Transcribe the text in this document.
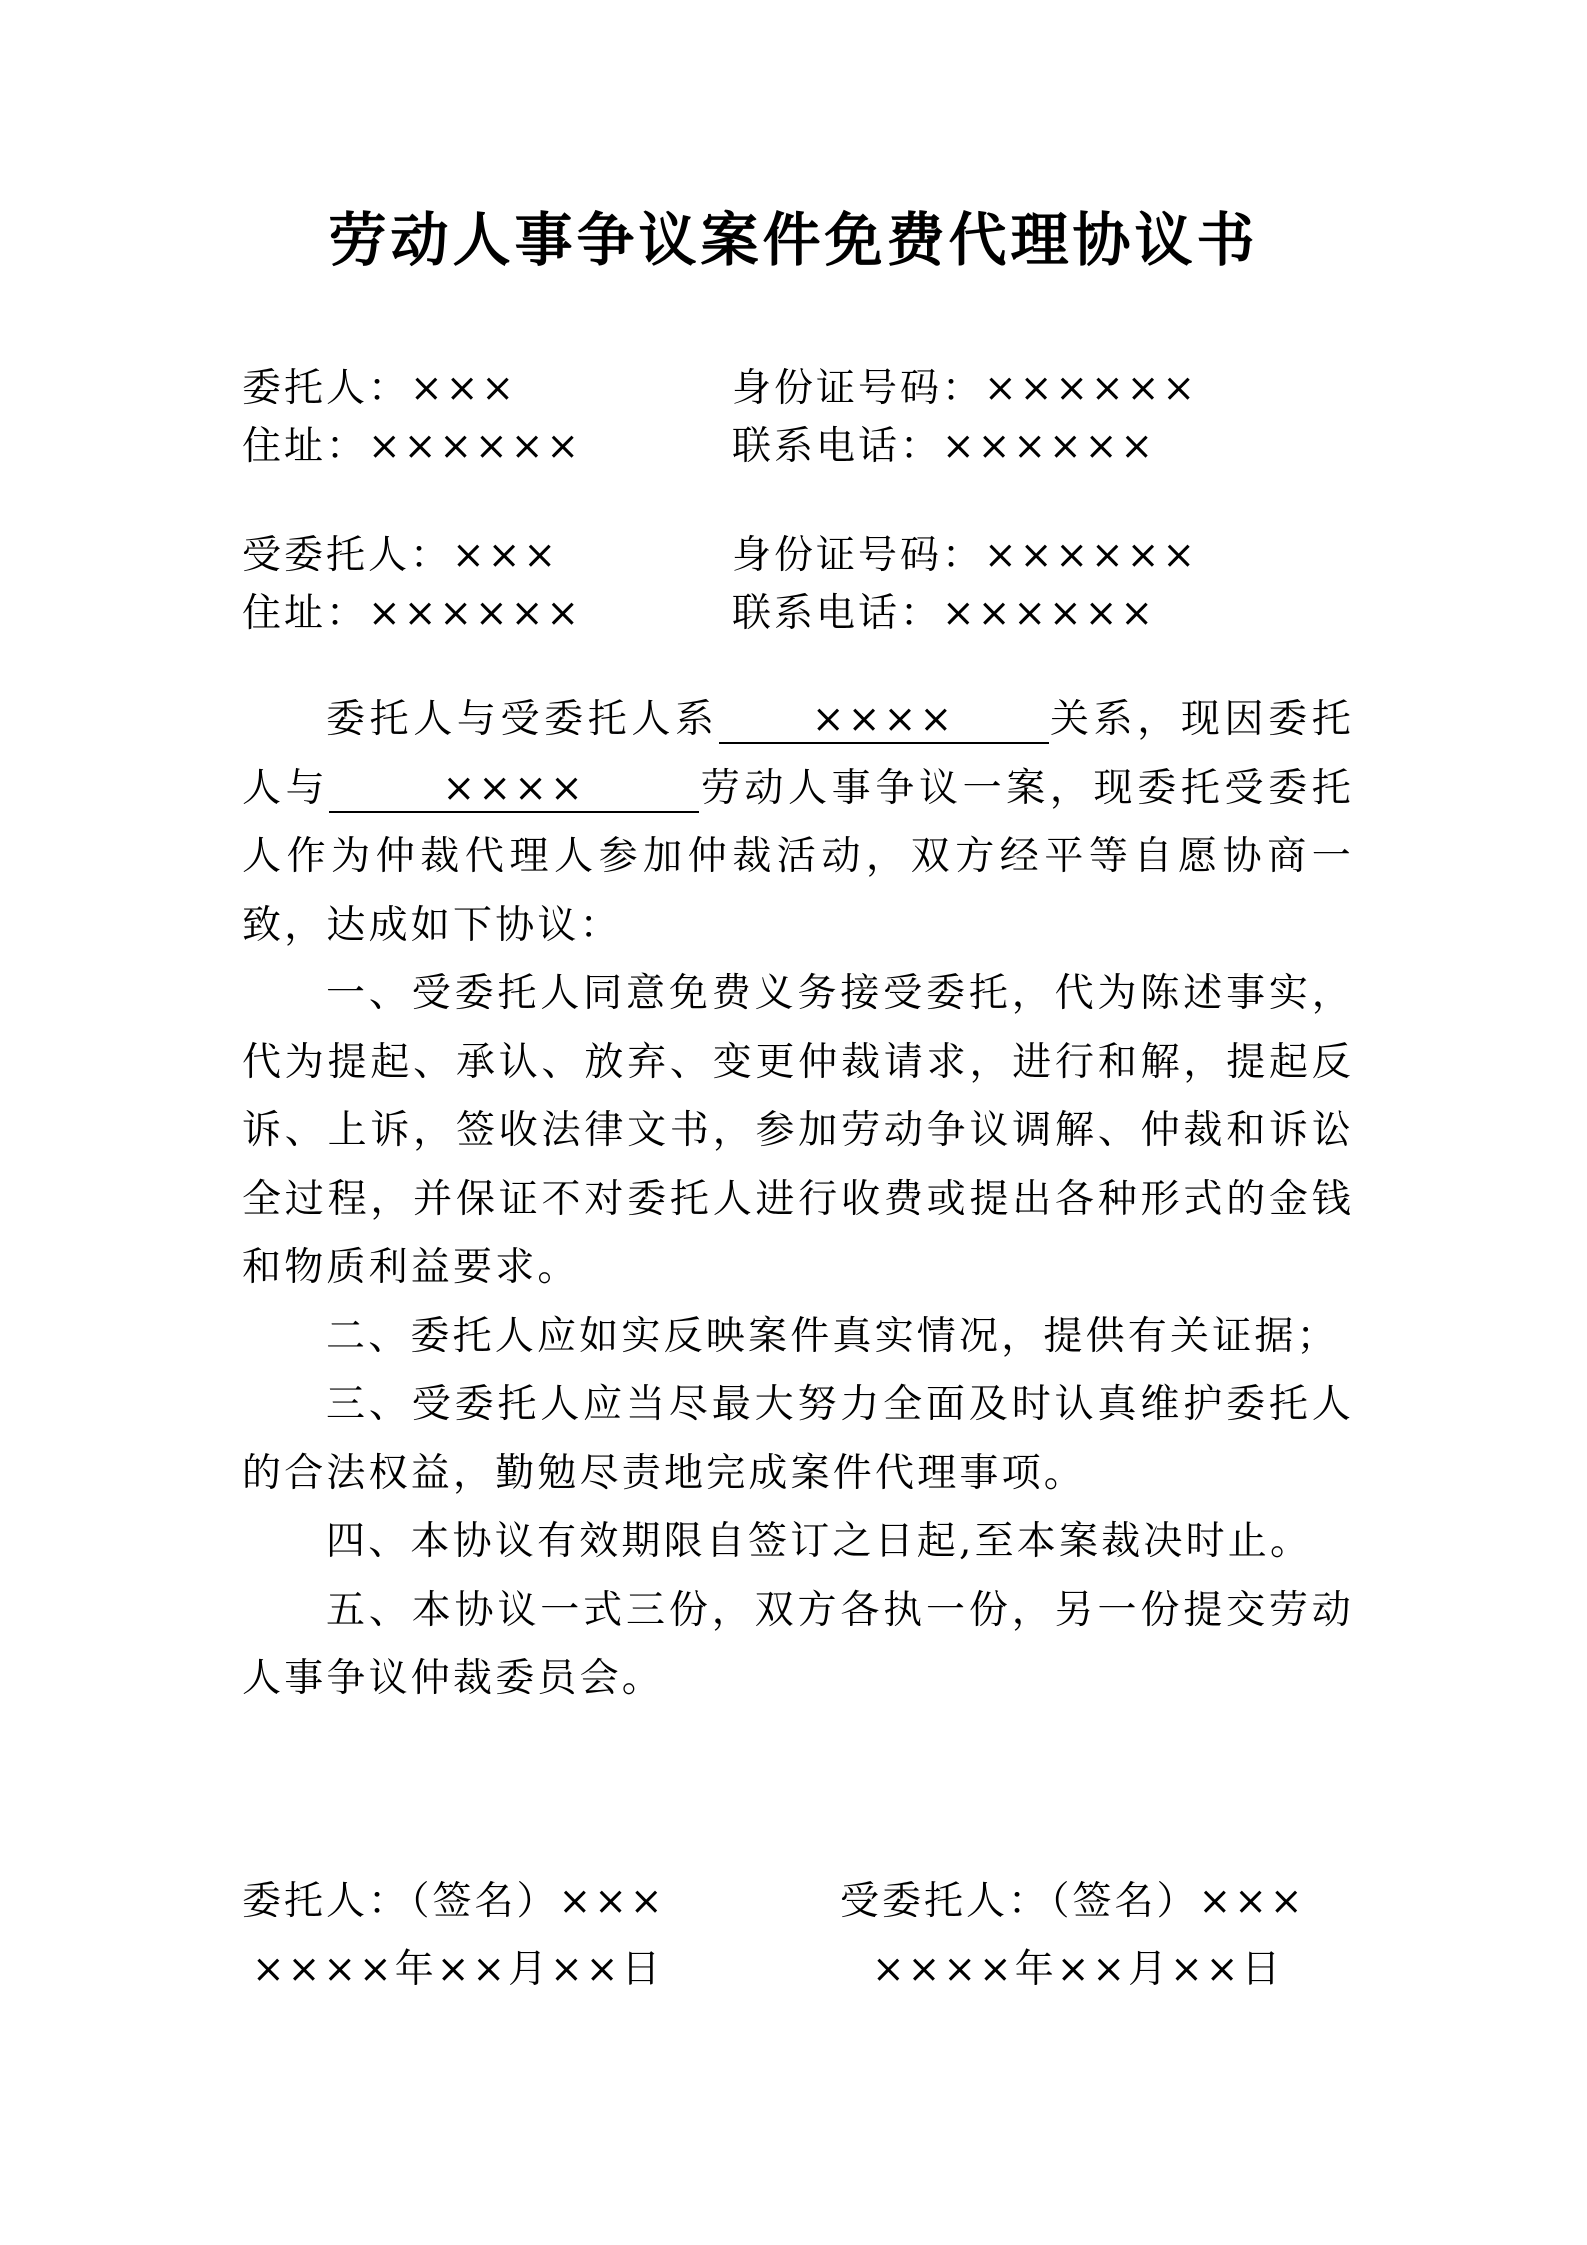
劳动人事争议案件免费代理协议书
委托人：×××	身份证号码：××××××
住址：××××××	联系电话：××××××
受委托人：×××	身份证号码：××××××
住址：××××××	联系电话：××××××

委托人与受委托人系 ×××× 关系，现因委托人与	××××	劳动人事争议一案，现委托受委托人作为仲裁代理人参加仲裁活动，双方经平等自愿协商一致，达成如下协议：

一、受委托人同意免费义务接受委托，代为陈述事实，代为提起、承认、放弃、变更仲裁请求，进行和解，提起反诉、上诉，签收法律文书，参加劳动争议调解、仲裁和诉讼全过程，并保证不对委托人进行收费或提出各种形式的金钱和物质利益要求。

二、委托人应如实反映案件真实情况，提供有关证据；

三、受委托人应当尽最大努力全面及时认真维护委托人的合法权益，勤勉尽责地完成案件代理事项。

四、本协议有效期限自签订之日起,至本案裁决时止。

五、本协议一式三份，双方各执一份，另一份提交劳动人事争议仲裁委员会。

委托人：（签名）×××
××××年××月××日
受委托人：（签名）×××
××××年××月××日
